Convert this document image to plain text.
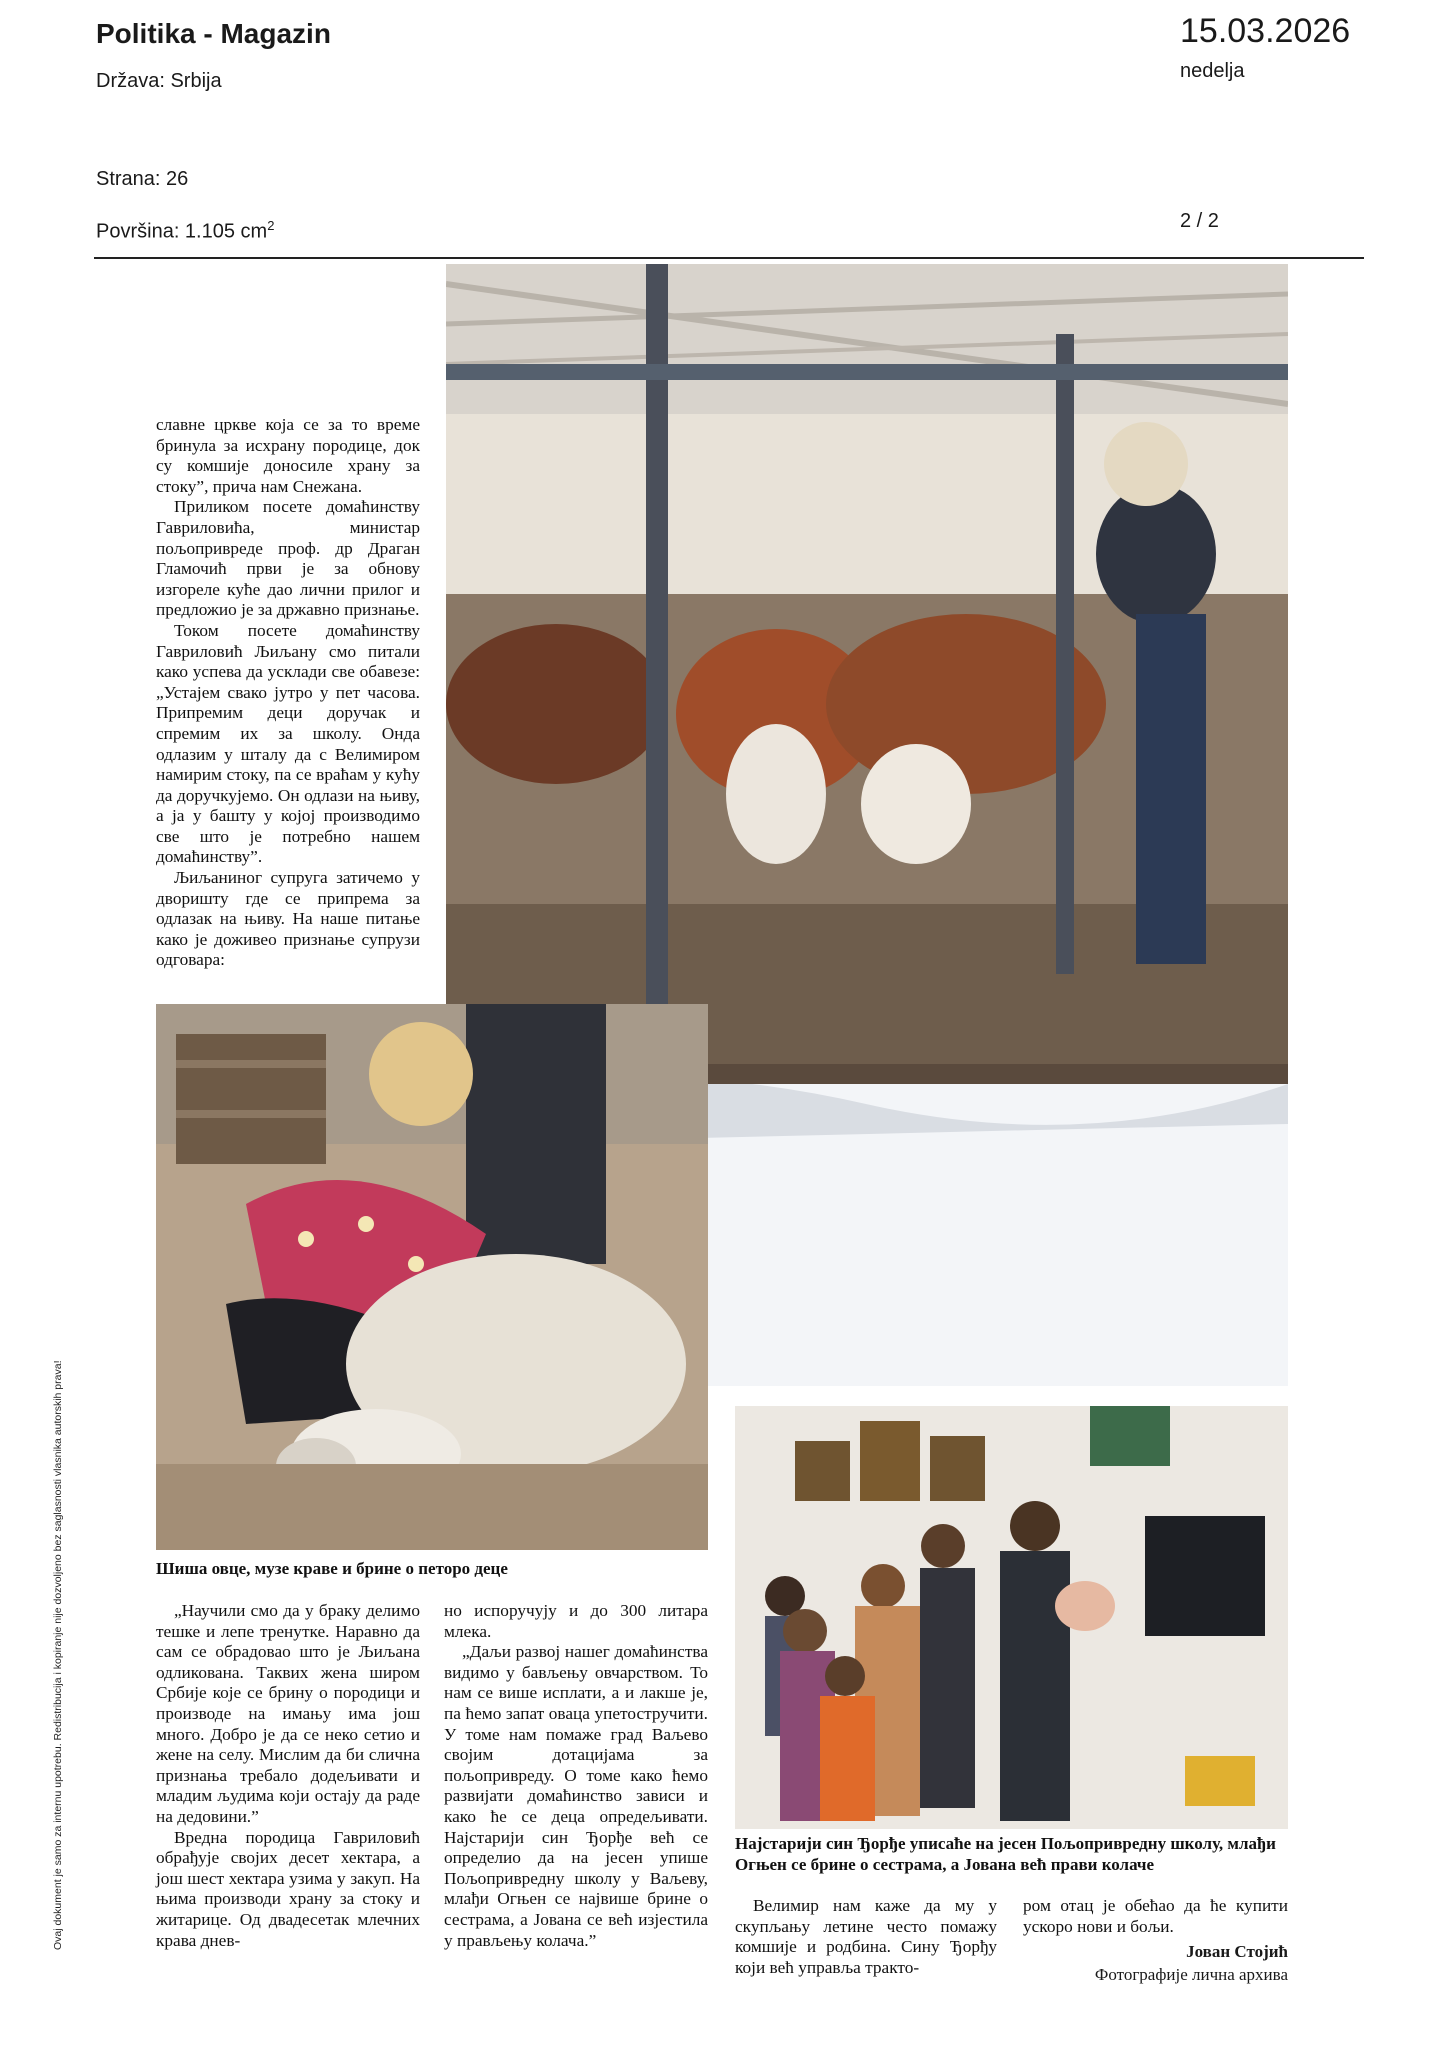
Politika - Magazin
Država: Srbija
15.03.2026
nedelja
Strana: 26
Površina: 1.105 $cm^2$	2 / 2
Ovaj dokument je samo za internu upotrebu. Redistribucija i kopiranje nije dozvoljeno bez saglasnosti vlasnika autorskih prava!

славне цркве која се за то време бринула за исхрану породице, док су комшије доносиле храну за стоку”, прича нам Снежана.

Приликом посете домаћинству Гавриловића, министар пољопривреде проф. др Драган Гламочић први је за обнову изгореле куће дао лични прилог и предложио је за државно признање.

Током посете домаћинству Гавриловић Љиљану смо питали како успева да усклади све обавезе: „Устајем свако јутро у пет часова. Припремим деци доручак и спремим их за школу. Онда одлазим у шталу да с Велимиром намирим стоку, па се враћам у кућу да доручкујемо. Он одлази на њиву, а ја у башту у којој производимо све што је потребно нашем домаћинству”.

Љиљаниног супруга затичемо у дворишту где се припрема за одлазак на њиву. На наше питање како је доживео признање супрузи одговара:

Шиша овце, музе краве и брине о петоро деце

„Научили смо да у браку делимо тешке и лепе тренутке. Наравно да сам се обрадовао што је Љиљана одликована. Таквих жена широм Србије које се брину о породици и производе на имању има још много. Добро је да се неко сетио и жене на селу. Мислим да би слична признања требало додељивати и младим људима који остају да раде на дедовини.”

Вредна породица Гавриловић обрађује својих десет хектара, а још шест хектара узима у закуп. На њима производи храну за стоку и житарице. Од двадесетак млечних крава днев-

но испоручују и до 300 литара млека.

„Даљи развој нашег домаћинства видимо у бављењу овчарством. То нам се више исплати, а и лакше је, па ћемо запат оваца упетостручити. У томе нам помаже град Ваљево својим дотацијама за пољопривреду. О томе како ћемо развијати домаћинство зависи и како ће се деца опредељивати. Најстарији син Ђорђе већ се определио да на јесен упише Пољопривредну школу у Ваљеву, млађи Огњен се највише брине о сестрама, а Јована се већ изјестила у прављењу колача.”

Најстарији син Ђорђе уписаће на јесен Пољопривредну школу, млађи Огњен се брине о сестрама, а Јована већ прави колаче

Велимир нам каже да му у скупљању летине често помажу комшије и родбина. Сину Ђорђу који већ управља тракто-

ром отац је обећао да ће купити ускоро нови и бољи.

Јован Стојић
Фотографије лична архива
